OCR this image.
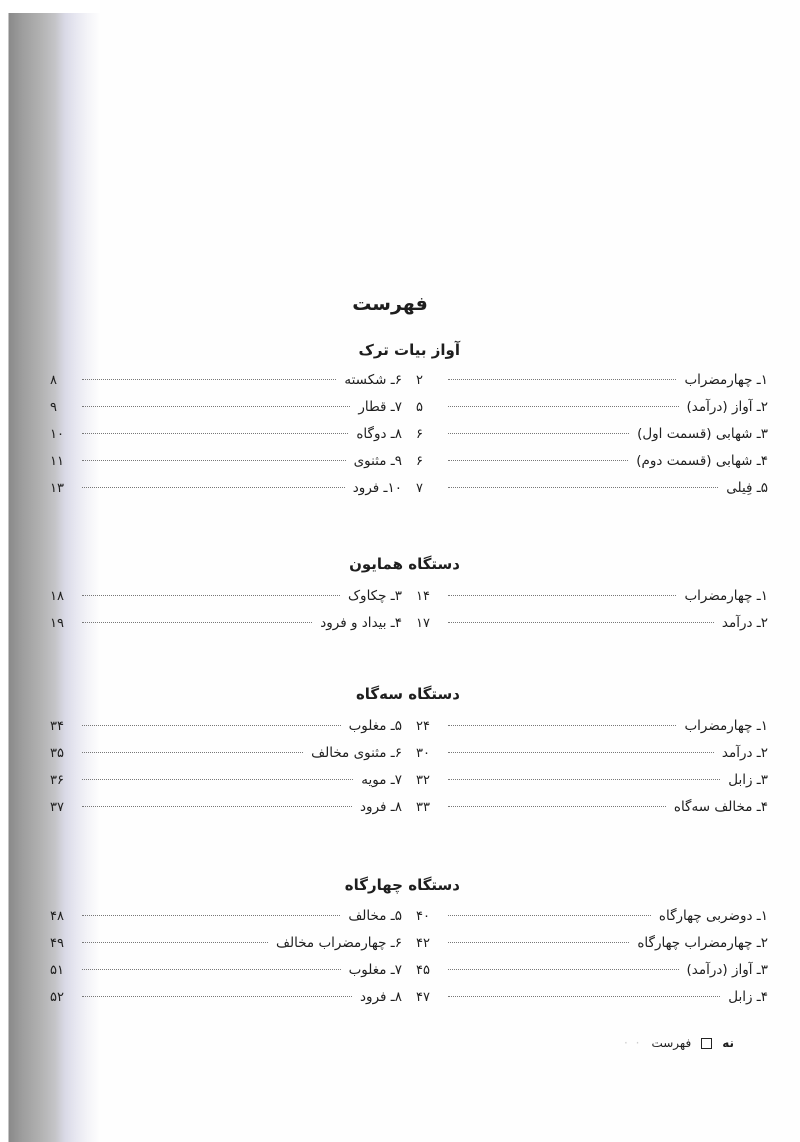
فهرست
آواز بیات ترک
۱ـ چهارمضراب
۲
۲ـ آواز (درآمد)
۵
۳ـ شهابی (قسمت اول)
۶
۴ـ شهابی (قسمت دوم)
۶
۵ـ فِیلی
۷
۶ـ شکسته
۸
۷ـ قطار
۹
۸ـ دوگاه
۱۰
۹ـ مثنوی
۱۱
۱۰ـ فرود
۱۳
دستگاه همایون
۱ـ چهارمضراب
۱۴
۲ـ درآمد
۱۷
۳ـ چکاوک
۱۸
۴ـ بیداد و فرود
۱۹
دستگاه سه‌گاه
۱ـ چهارمضراب
۲۴
۲ـ درآمد
۳۰
۳ـ زابل
۳۲
۴ـ مخالف سه‌گاه
۳۳
۵ـ مغلوب
۳۴
۶ـ مثنوی مخالف
۳۵
۷ـ مویه
۳۶
۸ـ فرود
۳۷
دستگاه چهارگاه
۱ـ دوضربی چهارگاه
۴۰
۲ـ چهارمضراب چهارگاه
۴۲
۳ـ آواز (درآمد)
۴۵
۴ـ زابل
۴۷
۵ـ مخالف
۴۸
۶ـ چهارمضراب مخالف
۴۹
۷ـ مغلوب
۵۱
۸ـ فرود
۵۲
نه
فهرست
· ·
